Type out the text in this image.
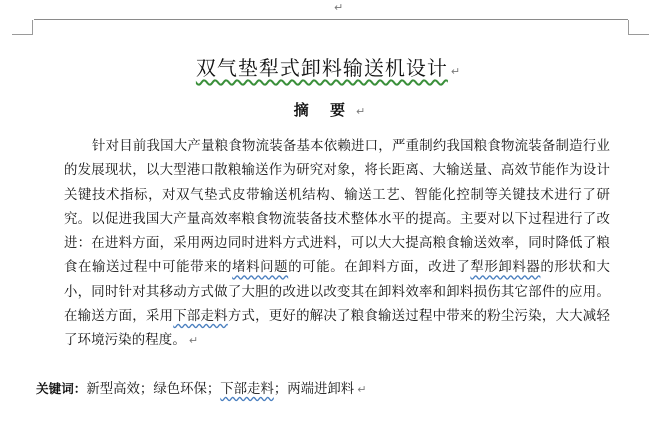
↵
双气垫犁式卸料输送机设计 ↵
摘 要 ↵

针对目前我国大产量粮食物流装备基本依赖进口，严重制约我国粮食物流装备制造行业的发展现状，以大型港口散粮输送作为研究对象，将长距离、大输送量、高效节能作为设计关键技术指标，对双气垫式皮带输送机结构、输送工艺、智能化控制等关键技术进行了研究。以促进我国大产量高效率粮食物流装备技术整体水平的提高。主要对以下过程进行了改进：在进料方面，采用两边同时进料方式进料，可以大大提高粮食输送效率，同时降低了粮食在输送过程中可能带来的堵料问题的可能。在卸料方面，改进了犁形卸料器的形状和大小，同时针对其移动方式做了大胆的改进以改变其在卸料效率和卸料损伤其它部件的应用。在输送方面，采用下部走料方式，更好的解决了粮食输送过程中带来的粉尘污染，大大减轻了环境污染的程度。 ↵

关键词：新型高效；绿色环保；下部走料；两端进卸料 ↵
